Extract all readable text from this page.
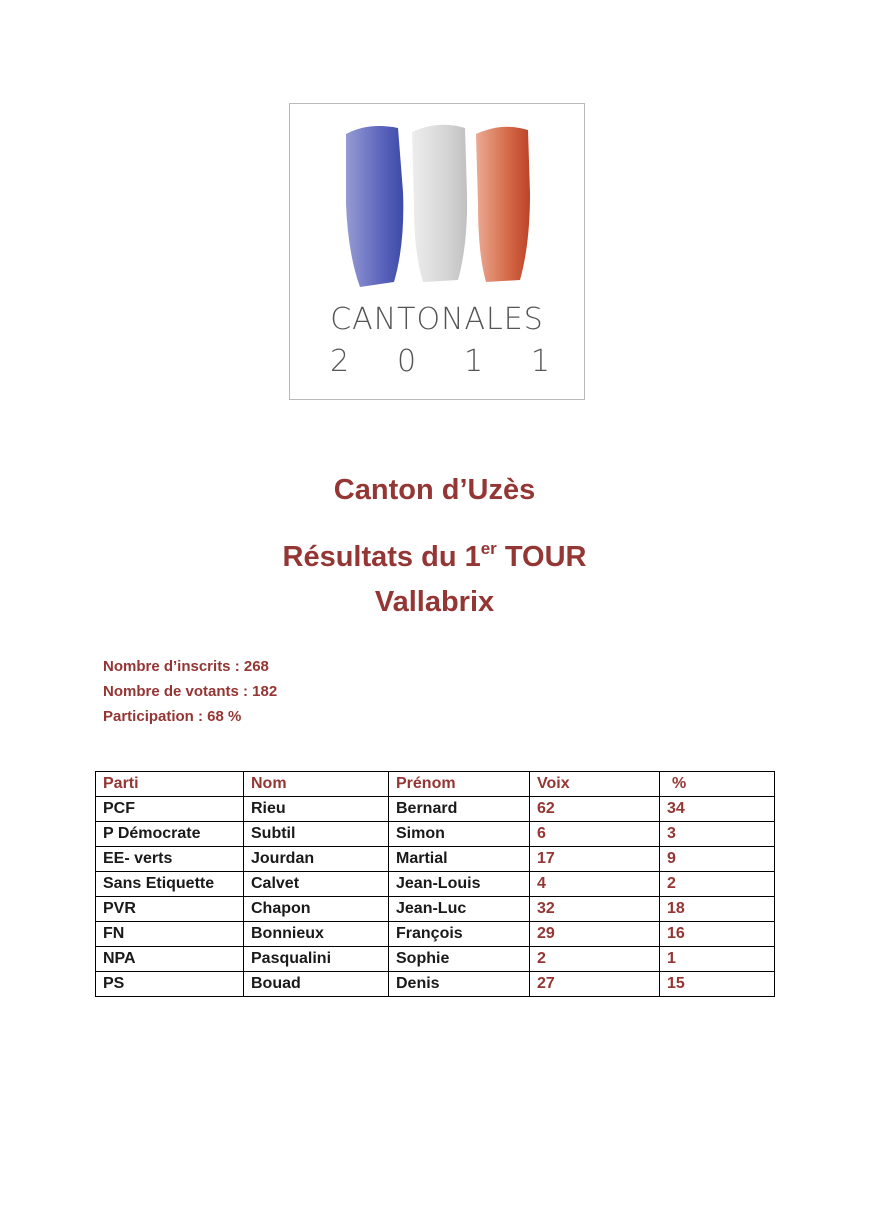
CANTONALES
2 0 1 1
Canton d’Uzès
Résultats du 1er TOUR
Vallabrix
Nombre d’inscrits : 268
Nombre de votants : 182
Participation : 68 %
Parti	Nom	Prénom	Voix	%
PCF	Rieu	Bernard	62	34
P Démocrate	Subtil	Simon	6	3
EE- verts	Jourdan	Martial	17	9
Sans Etiquette	Calvet	Jean-Louis	4	2
PVR	Chapon	Jean-Luc	32	18
FN	Bonnieux	François	29	16
NPA	Pasqualini	Sophie	2	1
PS	Bouad	Denis	27	15
